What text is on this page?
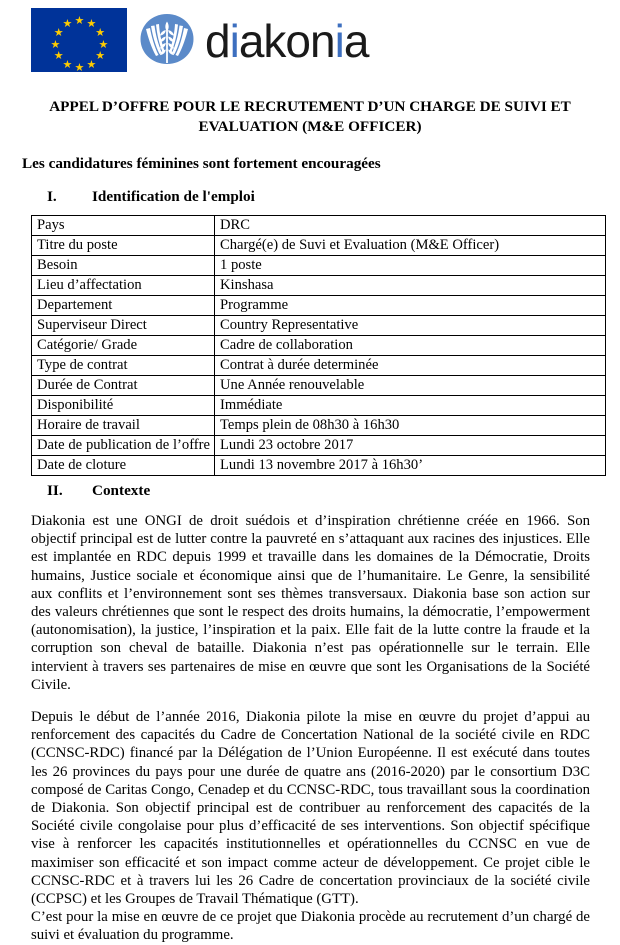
★ ★
★
★
★
★
★
★
★
★
★
★	diakonia
APPEL D’OFFRE POUR LE RECRUTEMENT D’UN CHARGE DE SUIVI ET
EVALUATION (M&E OFFICER)
Les candidatures féminines sont fortement encouragées
I.	Identification de l'emploi
Pays	DRC
Titre du poste	Chargé(e) de Suvi et Evaluation (M&E Officer)
Besoin	1 poste
Lieu d’affectation	Kinshasa
Departement	Programme
Superviseur Direct	Country Representative
Catégorie/ Grade	Cadre de collaboration
Type de contrat	Contrat à durée determinée
Durée de Contrat	Une Année renouvelable
Disponibilité	Immédiate
Horaire de travail	Temps plein de 08h30 à 16h30
Date de publication de l’offre	Lundi 23 octobre 2017
Date de cloture	Lundi 13 novembre 2017 à 16h30’
II.	Contexte

Diakonia est une ONGI de droit suédois et d’inspiration chrétienne créée en 1966. Son objectif principal est de lutter contre la pauvreté en s’attaquant aux racines des injustices. Elle est implantée en RDC depuis 1999 et travaille dans les domaines de la Démocratie, Droits humains, Justice sociale et économique ainsi que de l’humanitaire. Le Genre, la sensibilité aux conflits et l’environnement sont ses thèmes transversaux. Diakonia base son action sur des valeurs chrétiennes que sont le respect des droits humains, la démocratie, l’empowerment (autonomisation), la justice, l’inspiration et la paix. Elle fait de la lutte contre la fraude et la corruption son cheval de bataille. Diakonia n’est pas opérationnelle sur le terrain. Elle intervient à travers ses partenaires de mise en œuvre que sont les Organisations de la Société Civile.

Depuis le début de l’année 2016, Diakonia pilote la mise en œuvre du projet d’appui au renforcement des capacités du Cadre de Concertation National de la société civile en RDC (CCNSC-RDC) financé par la Délégation de l’Union Européenne. Il est exécuté dans toutes les 26 provinces du pays pour une durée de quatre ans (2016-2020) par le consortium D3C composé de Caritas Congo, Cenadep et du CCNSC-RDC, tous travaillant sous la coordination de Diakonia. Son objectif principal est de contribuer au renforcement des capacités de la Société civile congolaise pour plus d’efficacité de ses interventions. Son objectif spécifique vise à renforcer les capacités institutionnelles et opérationnelles du CCNSC en vue de maximiser son efficacité et son impact comme acteur de développement. Ce projet cible le CCNSC-RDC et à travers lui les 26 Cadre de concertation provinciaux de la société civile (CCPSC) et les Groupes de Travail Thématique (GTT).

C’est pour la mise en œuvre de ce projet que Diakonia procède au recrutement d’un chargé de suivi et évaluation du programme.
